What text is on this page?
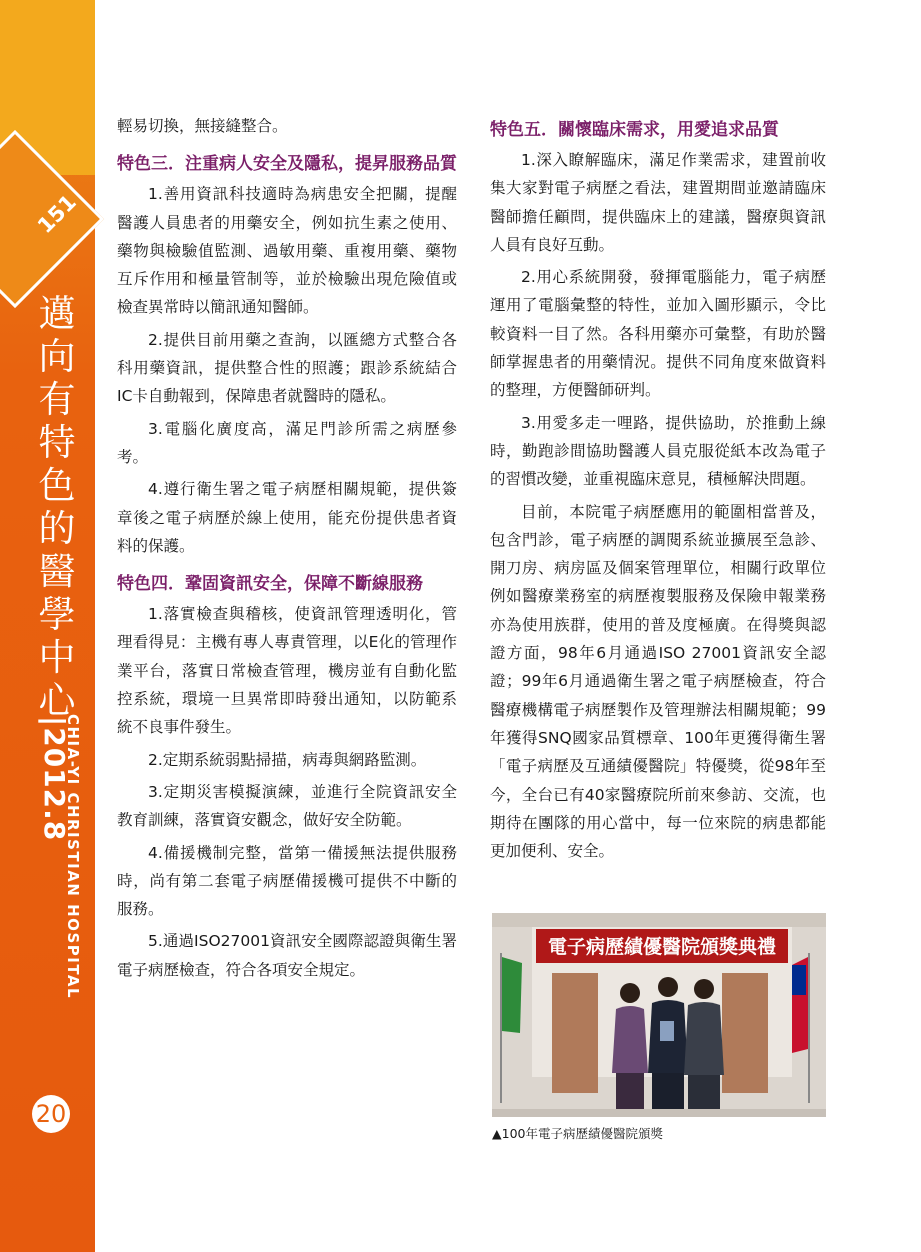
151
邁
向
有
特
色
的
醫
學
中
心
|2012.8
CHIA-YI CHRISTIAN HOSPITAL
20

輕易切換，無接縫整合。

特色三．注重病人安全及隱私，提昇服務品質

1.善用資訊科技適時為病患安全把關，提醒醫護人員患者的用藥安全，例如抗生素之使用、藥物與檢驗值監測、過敏用藥、重複用藥、藥物互斥作用和極量管制等，並於檢驗出現危險值或檢查異常時以簡訊通知醫師。

2.提供目前用藥之查詢，以匯總方式整合各科用藥資訊，提供整合性的照護；跟診系統結合IC卡自動報到，保障患者就醫時的隱私。

3.電腦化廣度高，滿足門診所需之病歷參考。

4.遵行衛生署之電子病歷相關規範，提供簽章後之電子病歷於線上使用，能充份提供患者資料的保護。

特色四．鞏固資訊安全，保障不斷線服務

1.落實檢查與稽核，使資訊管理透明化，管理看得見：主機有專人專責管理，以E化的管理作業平台，落實日常檢查管理，機房並有自動化監控系統，環境一旦異常即時發出通知，以防範系統不良事件發生。

2.定期系統弱點掃描，病毒與網路監測。

3.定期災害模擬演練，並進行全院資訊安全教育訓練，落實資安觀念，做好安全防範。

4.備援機制完整，當第一備援無法提供服務時，尚有第二套電子病歷備援機可提供不中斷的服務。

5.通過ISO27001資訊安全國際認證與衛生署電子病歷檢查，符合各項安全規定。

特色五．關懷臨床需求，用愛追求品質

1.深入瞭解臨床，滿足作業需求，建置前收集大家對電子病歷之看法，建置期間並邀請臨床醫師擔任顧問，提供臨床上的建議，醫療與資訊人員有良好互動。

2.用心系統開發，發揮電腦能力，電子病歷運用了電腦彙整的特性，並加入圖形顯示，令比較資料一目了然。各科用藥亦可彙整，有助於醫師掌握患者的用藥情況。提供不同角度來做資料的整理，方便醫師研判。

3.用愛多走一哩路，提供協助，於推動上線時，勤跑診間協助醫護人員克服從紙本改為電子的習慣改變，並重視臨床意見，積極解決問題。

目前，本院電子病歷應用的範圍相當普及，包含門診，電子病歷的調閱系統並擴展至急診、開刀房、病房區及個案管理單位，相關行政單位例如醫療業務室的病歷複製服務及保險申報業務亦為使用族群，使用的普及度極廣。在得獎與認證方面，98年6月通過ISO 27001資訊安全認證；99年6月通過衛生署之電子病歷檢查，符合醫療機構電子病歷製作及管理辦法相關規範；99年獲得SNQ國家品質標章、100年更獲得衛生署「電子病歷及互通績優醫院」特優獎，從98年至今，全台已有40家醫療院所前來參訪、交流，也期待在團隊的用心當中，每一位來院的病患都能更加便利、安全。

電子病歷績優醫院頒獎典禮
▲100年電子病歷績優醫院頒獎
